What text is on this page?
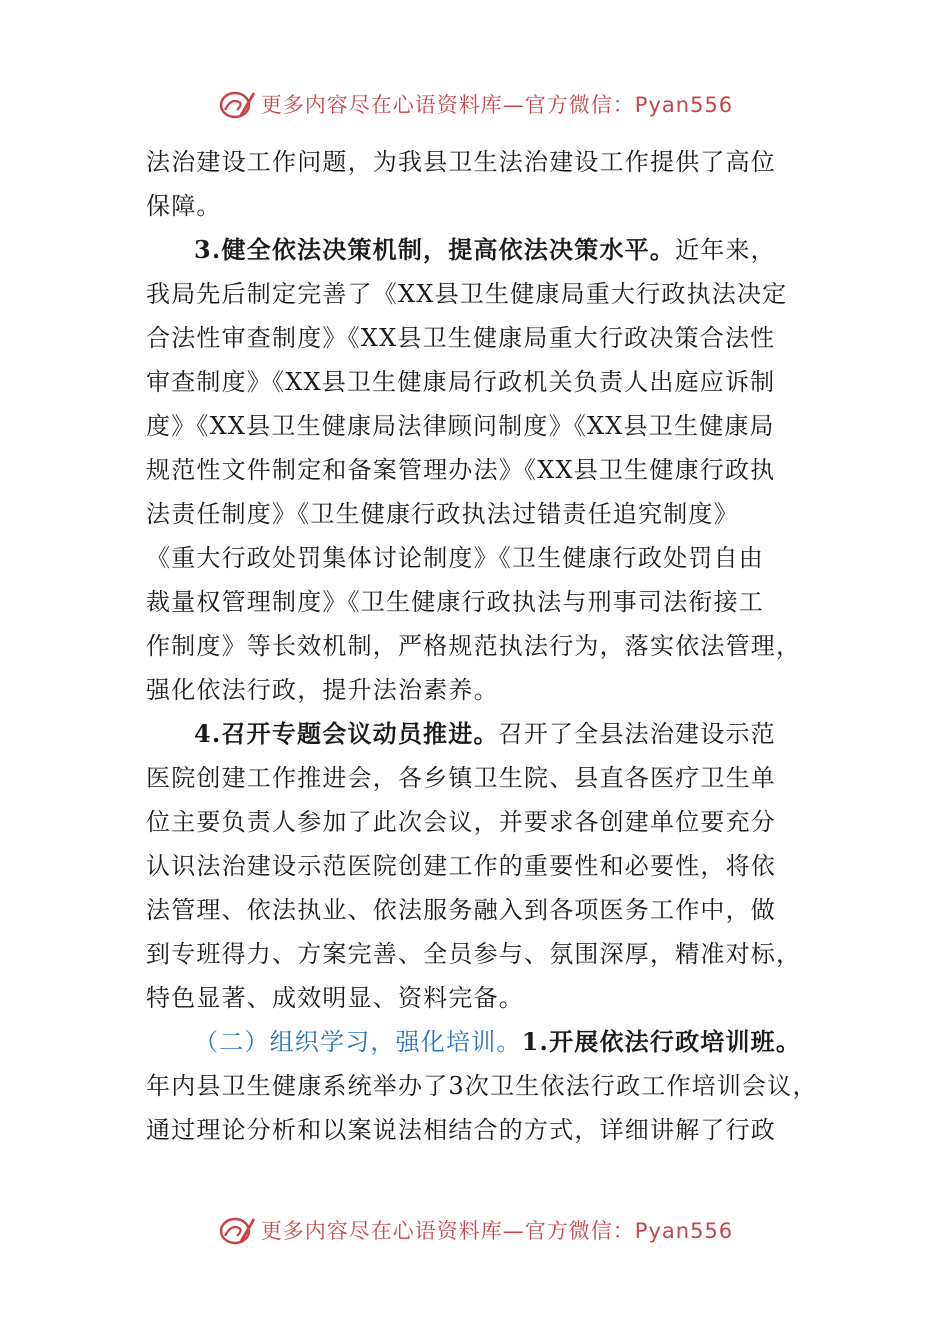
更多内容尽在心语资料库—官方微信：Pyan556
法治建设工作问题，为我县卫生法治建设工作提供了高位
保障。
3.健全依法决策机制，提高依法决策水平。近年来，
我局先后制定完善了《XX县卫生健康局重大行政执法决定
合法性审查制度》《XX县卫生健康局重大行政决策合法性
审查制度》《XX县卫生健康局行政机关负责人出庭应诉制
度》《XX县卫生健康局法律顾问制度》《XX县卫生健康局
规范性文件制定和备案管理办法》《XX县卫生健康行政执
法责任制度》《卫生健康行政执法过错责任追究制度》
《重大行政处罚集体讨论制度》《卫生健康行政处罚自由
裁量权管理制度》《卫生健康行政执法与刑事司法衔接工
作制度》等长效机制，严格规范执法行为，落实依法管理，
强化依法行政，提升法治素养。
4.召开专题会议动员推进。召开了全县法治建设示范
医院创建工作推进会，各乡镇卫生院、县直各医疗卫生单
位主要负责人参加了此次会议，并要求各创建单位要充分
认识法治建设示范医院创建工作的重要性和必要性，将依
法管理、依法执业、依法服务融入到各项医务工作中，做
到专班得力、方案完善、全员参与、氛围深厚，精准对标，
特色显著、成效明显、资料完备。
（二）组织学习，强化培训。1.开展依法行政培训班。
年内县卫生健康系统举办了3次卫生依法行政工作培训会议，
通过理论分析和以案说法相结合的方式，详细讲解了行政
更多内容尽在心语资料库—官方微信：Pyan556
